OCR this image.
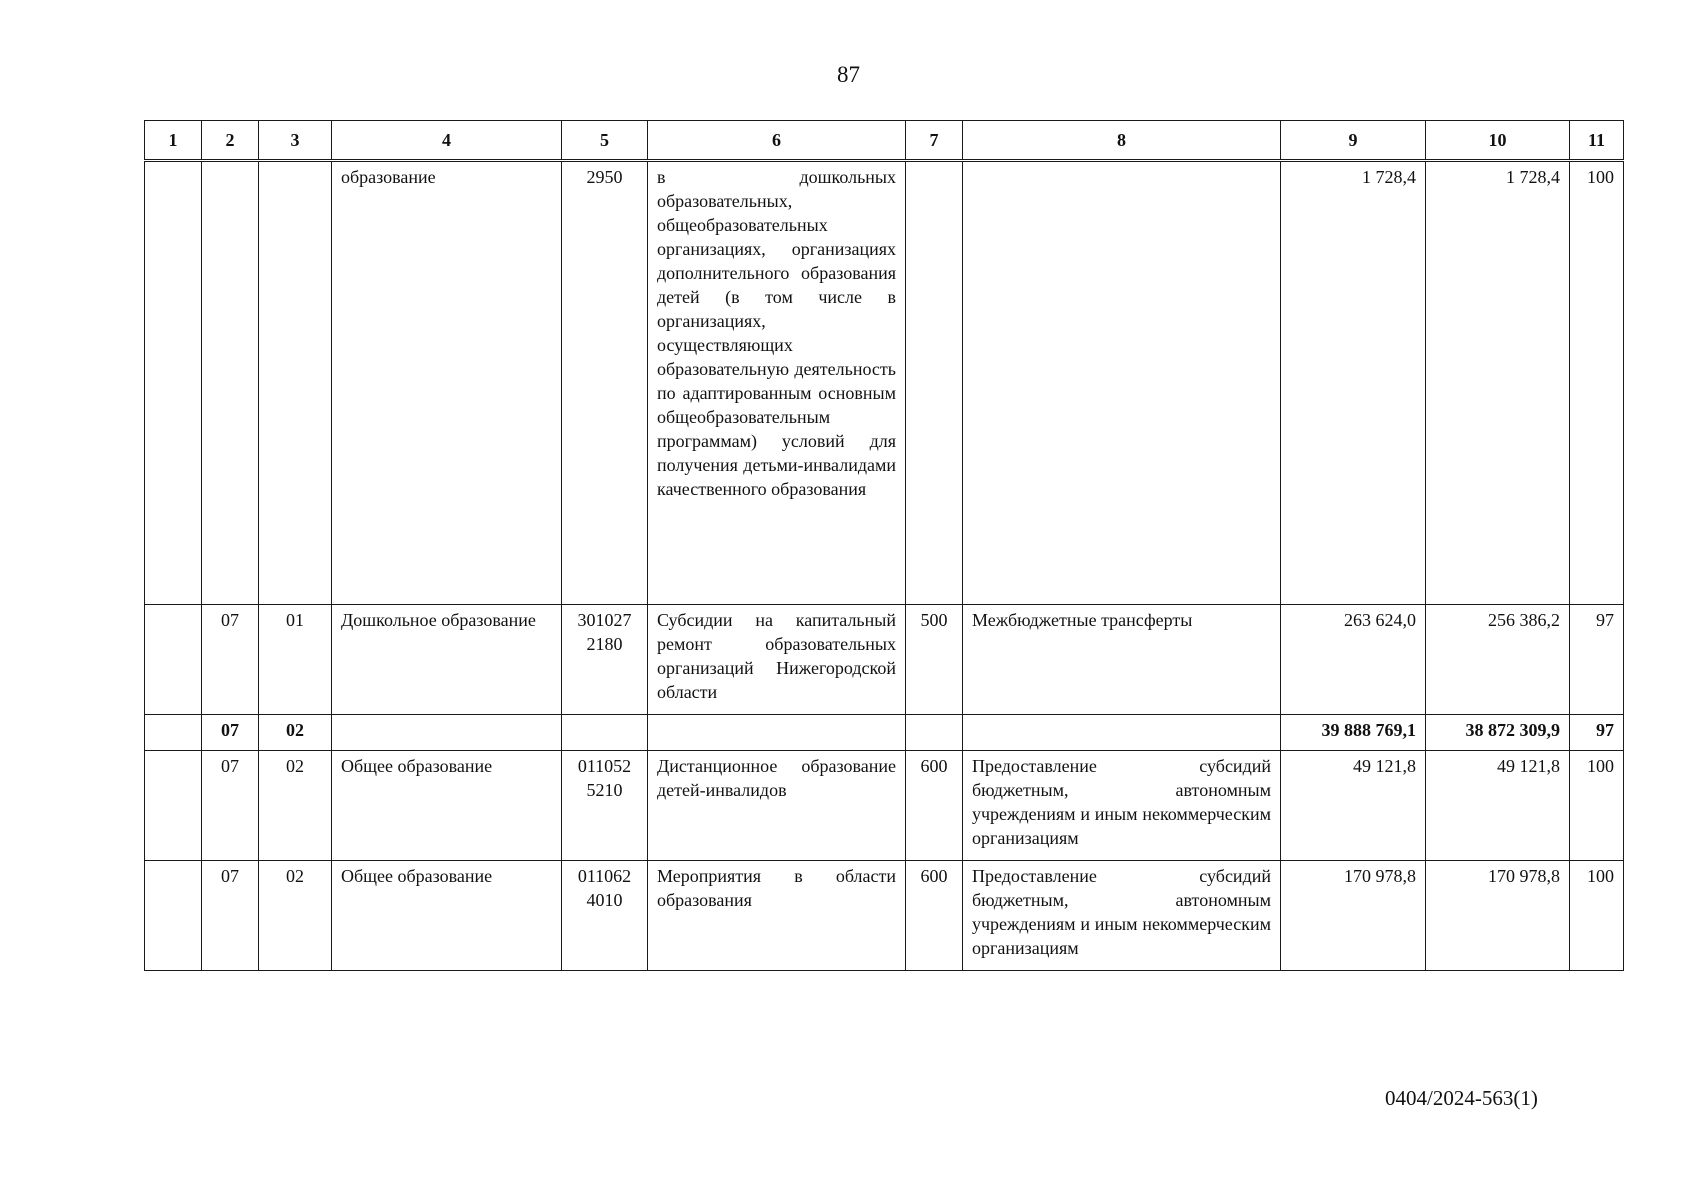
87
1	2	3	4	5	6	7	8	9	10	11
			образование	2950	в дошкольных образовательных, общеобразовательных организациях, организациях дополнительного образования детей (в том числе в организациях, осуществляющих образовательную деятельность по адаптированным основным общеобразовательным программам) условий для получения детьми-инвалидами качественного образования			1 728,4	1 728,4	100
	07	01	Дошкольное образование	301027 2180	Субсидии на капитальный ремонт образовательных организаций Нижегородской области	500	Межбюджетные трансферты	263 624,0	256 386,2	97
	07	02						39 888 769,1	38 872 309,9	97
	07	02	Общее образование	011052 5210	Дистанционное образование детей-инвалидов	600	Предоставление субсидий бюджетным, автономным учреждениям и иным некоммерческим организациям	49 121,8	49 121,8	100
	07	02	Общее образование	011062 4010	Мероприятия в области образования	600	Предоставление субсидий бюджетным, автономным учреждениям и иным некоммерческим организациям	170 978,8	170 978,8	100
0404/2024-563(1)
